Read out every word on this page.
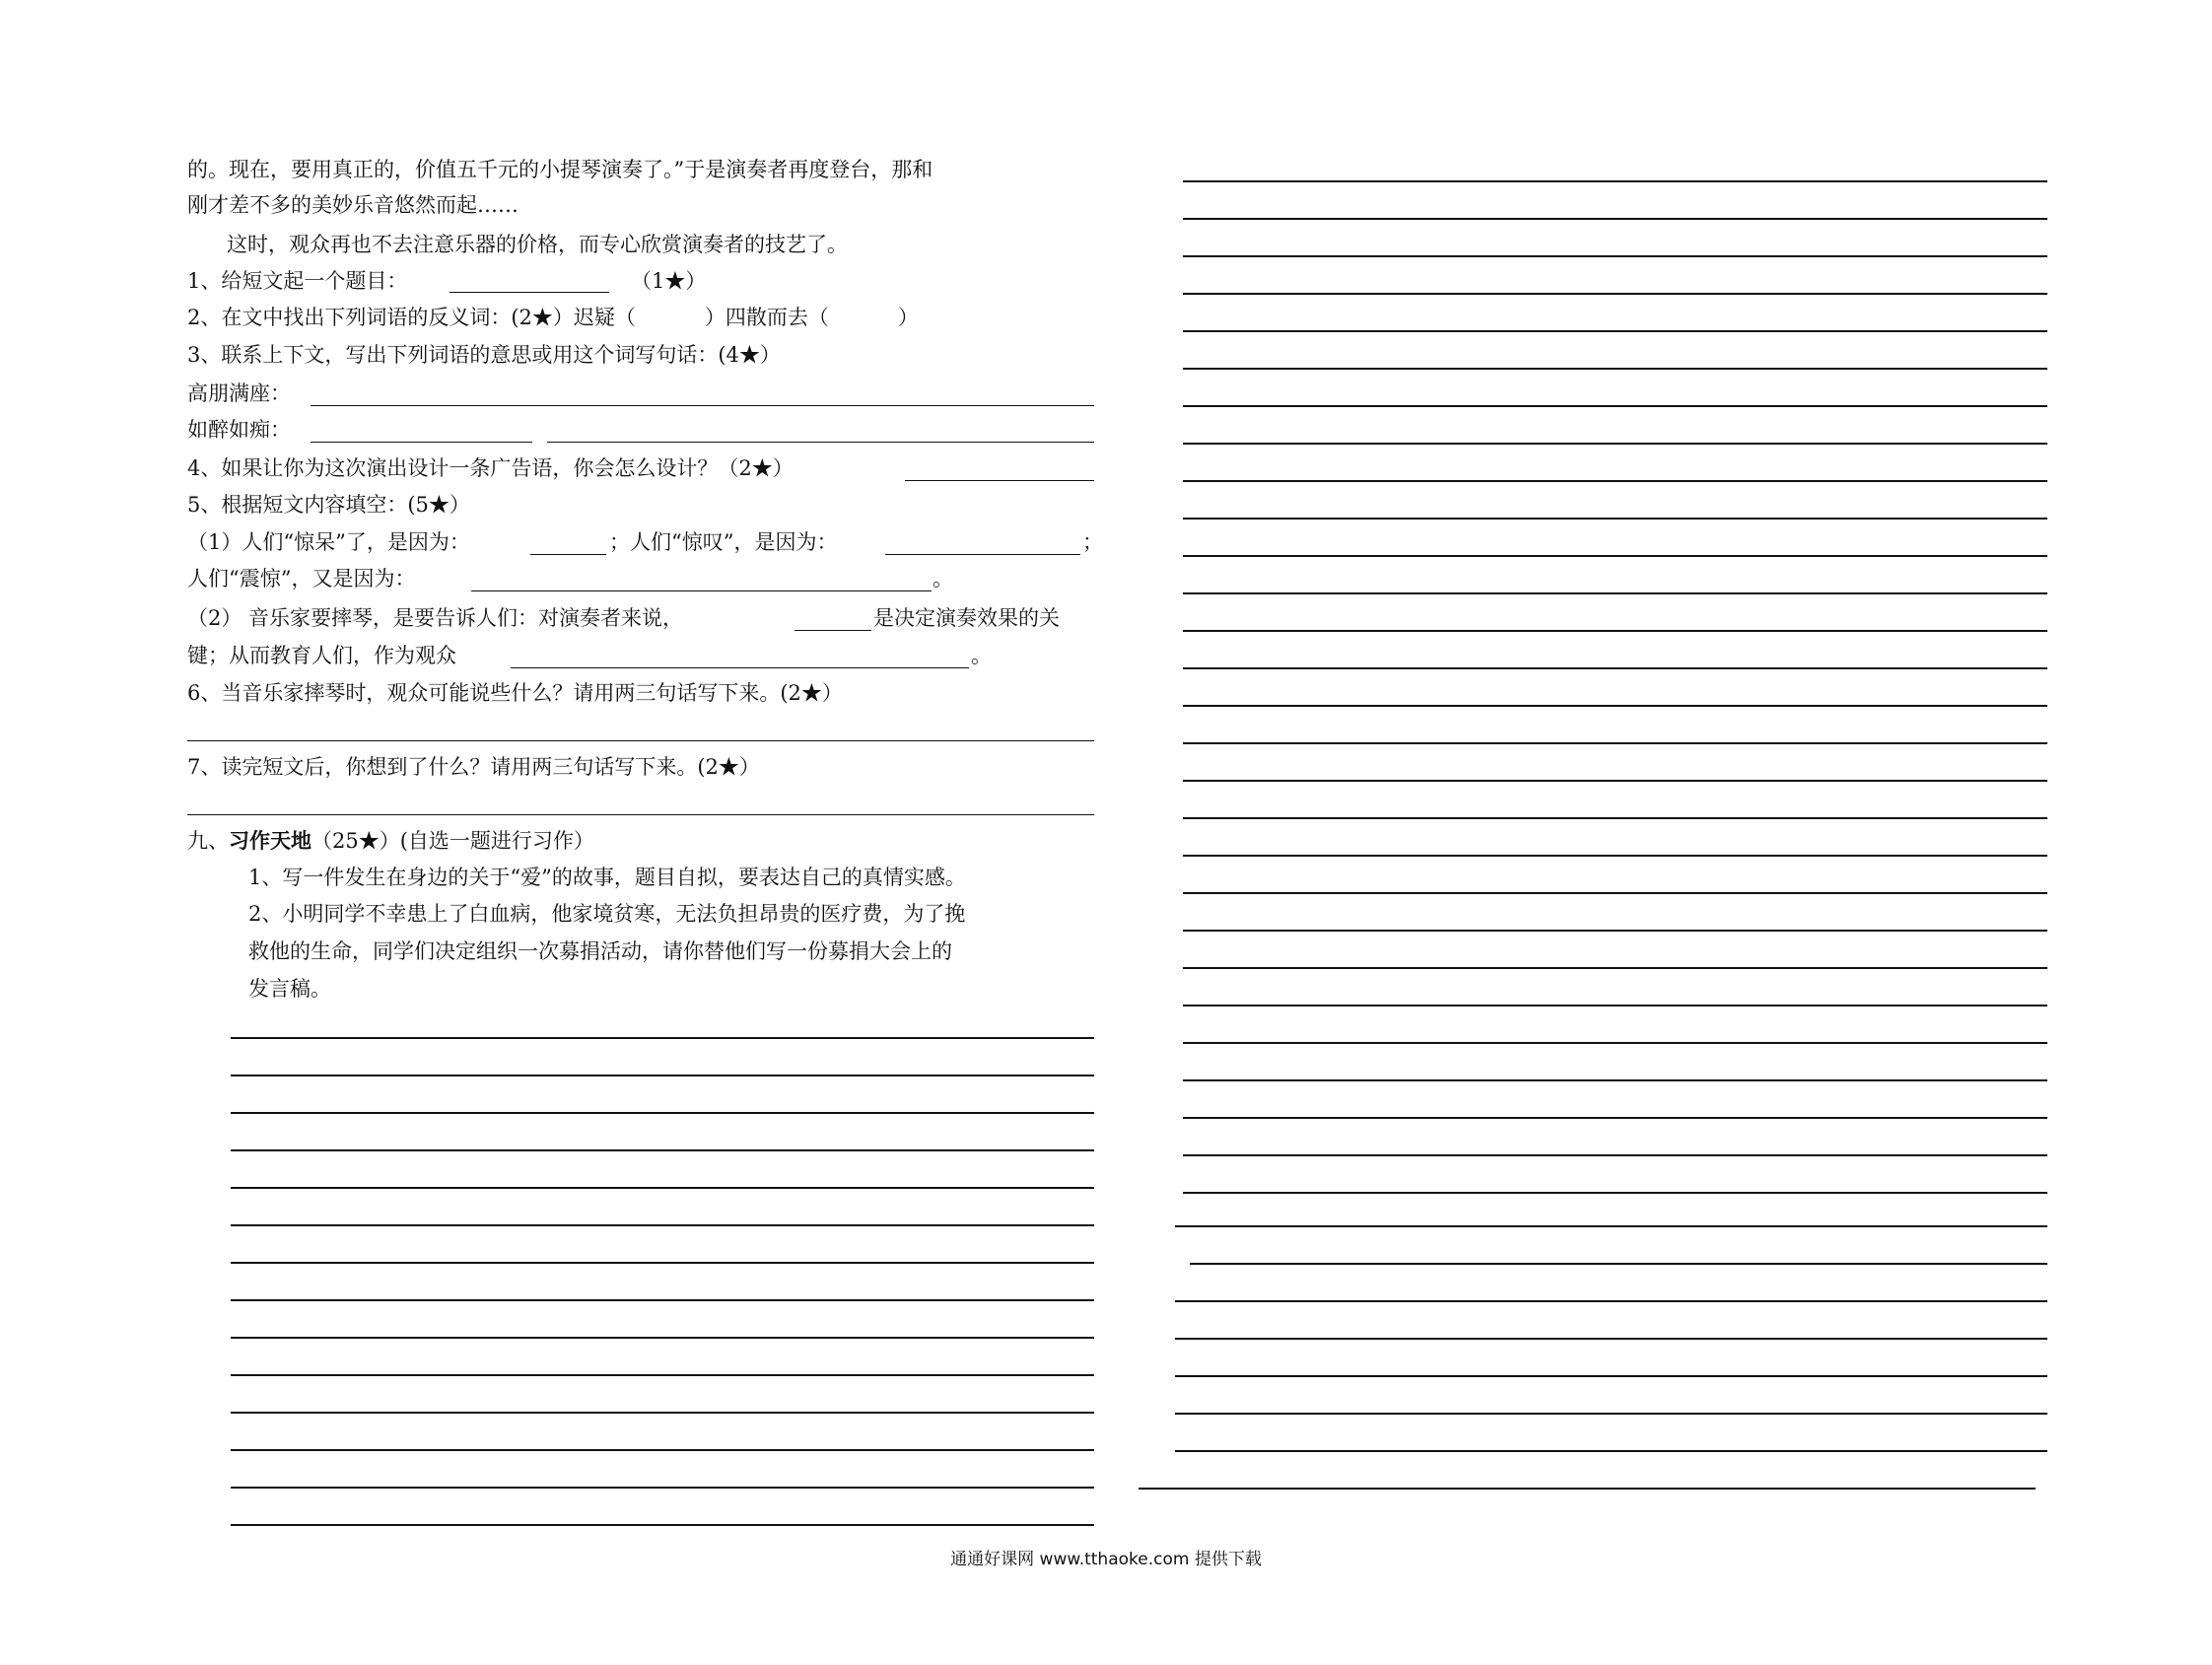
的。现在，要用真正的，价值五千元的小提琴演奏了。”于是演奏者再度登台，那和
刚才差不多的美妙乐音悠然而起……
这时，观众再也不去注意乐器的价格，而专心欣赏演奏者的技艺了。
1、给短文起一个题目：	（1★）
2、在文中找出下列词语的反义词：(2★）迟疑（	）四散而去（	）
3、联系上下文，写出下列词语的意思或用这个词写句话：(4★）
高朋满座：
如醉如痴：
4、如果让你为这次演出设计一条广告语，你会怎么设计？（2★）
5、根据短文内容填空：(5★）
（1）人们“惊呆”了，是因为：	；人们“惊叹”，是因为：	；
人们“震惊”，又是因为：	。
（2） 音乐家要摔琴，是要告诉人们：对演奏者来说，	是决定演奏效果的关
键；从而教育人们，作为观众	。
6、当音乐家摔琴时，观众可能说些什么？请用两三句话写下来。(2★）
7、读完短文后，你想到了什么？请用两三句话写下来。(2★）
九、习作天地（25★）(自选一题进行习作）
1、写一件发生在身边的关于“爱”的故事，题目自拟，要表达自己的真情实感。
2、小明同学不幸患上了白血病，他家境贫寒，无法负担昂贵的医疗费，为了挽
救他的生命，同学们决定组织一次募捐活动，请你替他们写一份募捐大会上的
发言稿。
通通好课网 www.tthaoke.com 提供下载
